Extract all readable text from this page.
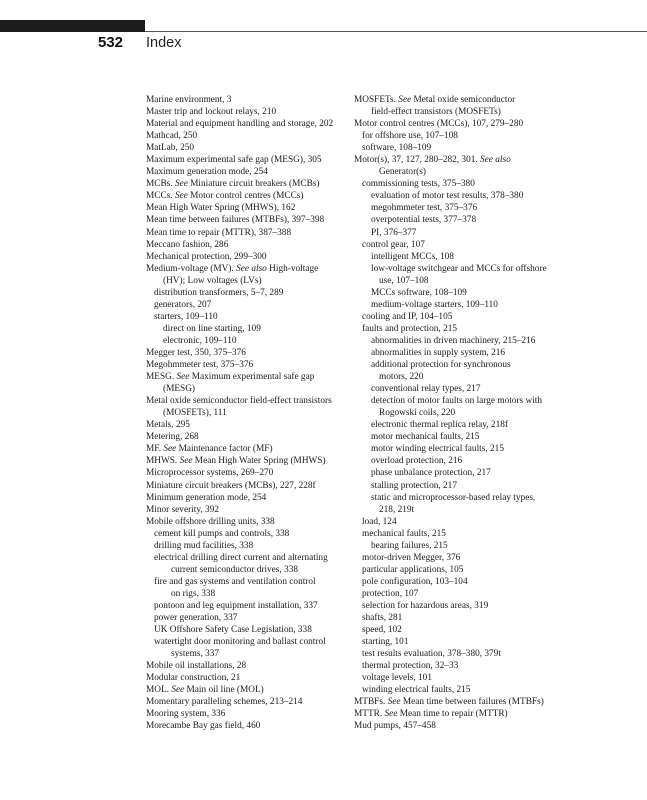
532 Index

Marine environment, 3

Master trip and lockout relays, 210

Material and equipment handling and storage, 202

Mathcad, 250

MatLab, 250

Maximum experimental safe gap (MESG), 305

Maximum generation mode, 254

MCBs. See Miniature circuit breakers (MCBs)

MCCs. See Motor control centres (MCCs)

Mean High Water Spring (MHWS), 162

Mean time between failures (MTBFs), 397–398

Mean time to repair (MTTR), 387–388

Meccano fashion, 286

Mechanical protection, 299–300

Medium-voltage (MV). See also High-voltage

(HV); Low voltages (LVs)

distribution transformers, 5–7, 289

generators, 207

starters, 109–110

direct on line starting, 109

electronic, 109–110

Megger test, 350, 375–376

Megohmmeter test, 375–376

MESG. See Maximum experimental safe gap

(MESG)

Metal oxide semiconductor field-effect transistors

(MOSFETs), 111

Metals, 295

Metering, 268

MF. See Maintenance factor (MF)

MHWS. See Mean High Water Spring (MHWS)

Microprocessor systems, 269–270

Miniature circuit breakers (MCBs), 227, 228f

Minimum generation mode, 254

Minor severity, 392

Mobile offshore drilling units, 338

cement kill pumps and controls, 338

drilling mud facilities, 338

electrical drilling direct current and alternating

current semiconductor drives, 338

fire and gas systems and ventilation control

on rigs, 338

pontoon and leg equipment installation, 337

power generation, 337

UK Offshore Safety Case Legislation, 338

watertight door monitoring and ballast control

systems, 337

Mobile oil installations, 28

Modular construction, 21

MOL. See Main oil line (MOL)

Momentary paralleling schemes, 213–214

Mooring system, 336

Morecambe Bay gas field, 460

MOSFETs. See Metal oxide semiconductor

field-effect transistors (MOSFETs)

Motor control centres (MCCs), 107, 279–280

for offshore use, 107–108

software, 108–109

Motor(s), 37, 127, 280–282, 301. See also

Generator(s)

commissioning tests, 375–380

evaluation of motor test results, 378–380

megohmmeter test, 375–376

overpotential tests, 377–378

PI, 376–377

control gear, 107

intelligent MCCs, 108

low-voltage switchgear and MCCs for offshore

use, 107–108

MCCs software, 108–109

medium-voltage starters, 109–110

cooling and IP, 104–105

faults and protection, 215

abnormalities in driven machinery, 215–216

abnormalities in supply system, 216

additional protection for synchronous

motors, 220

conventional relay types, 217

detection of motor faults on large motors with

Rogowski coils, 220

electronic thermal replica relay, 218f

motor mechanical faults, 215

motor winding electrical faults, 215

overload protection, 216

phase unbalance protection, 217

stalling protection, 217

static and microprocessor-based relay types,

218, 219t

load, 124

mechanical faults, 215

bearing failures, 215

motor-driven Megger, 376

particular applications, 105

pole configuration, 103–104

protection, 107

selection for hazardous areas, 319

shafts, 281

speed, 102

starting, 101

test results evaluation, 378–380, 379t

thermal protection, 32–33

voltage levels, 101

winding electrical faults, 215

MTBFs. See Mean time between failures (MTBFs)

MTTR. See Mean time to repair (MTTR)

Mud pumps, 457–458
